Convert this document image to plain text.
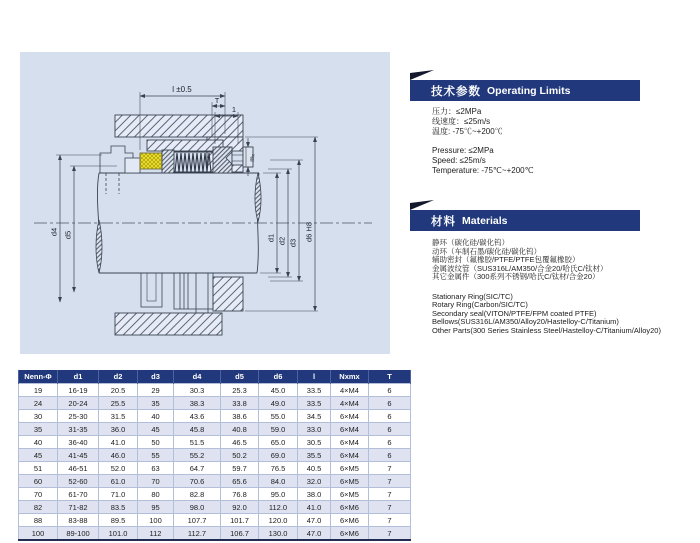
l ±0.5
T
1
mₓ
d1 d2 d3
d6 H8
d4 d5
技术参数 Operating Limits
压力：≤2MPa
线速度：≤25m/s
温度: -75℃~+200℃
Pressure: ≤2MPa
Speed: ≤25m/s
Temperature: -75℃~+200℃
材料 Materials
静环（碳化硅/碳化钨）
动环（车制石墨/碳化硅/碳化钨）
辅助密封（氟橡胶/PTFE/PTFE包覆氟橡胶）
金属波纹管（SUS316L/AM350/合金20/哈氏C/钛材）
其它金属件（300系列不锈钢/哈氏C/钛材/合金20）
Stationary Ring(SIC/TC)
Rotary Ring(Carbon/SIC/TC)
Secondary seal(VITON/PTFE/FPM coated PTFE)
Bellows(SUS316L/AM350/Alloy20/Hastelloy-C/Titanium)
Other Parts(300 Series Stainless Steel/Hastelloy-C/Titanium/Alloy20)
Nenn-Φ	d1	d2	d3	d4	d5	d6	l	Nxmx	T
19	16-19	20.5	29	30.3	25.3	45.0	33.5	4×M4	6
24	20-24	25.5	35	38.3	33.8	49.0	33.5	4×M4	6
30	25-30	31.5	40	43.6	38.6	55.0	34.5	6×M4	6
35	31-35	36.0	45	45.8	40.8	59.0	33.0	6×M4	6
40	36-40	41.0	50	51.5	46.5	65.0	30.5	6×M4	6
45	41-45	46.0	55	55.2	50.2	69.0	35.5	6×M4	6
51	46-51	52.0	63	64.7	59.7	76.5	40.5	6×M5	7
60	52-60	61.0	70	70.6	65.6	84.0	32.0	6×M5	7
70	61-70	71.0	80	82.8	76.8	95.0	38.0	6×M5	7
82	71-82	83.5	95	98.0	92.0	112.0	41.0	6×M6	7
88	83-88	89.5	100	107.7	101.7	120.0	47.0	6×M6	7
100	89-100	101.0	112	112.7	106.7	130.0	47.0	6×M6	7
